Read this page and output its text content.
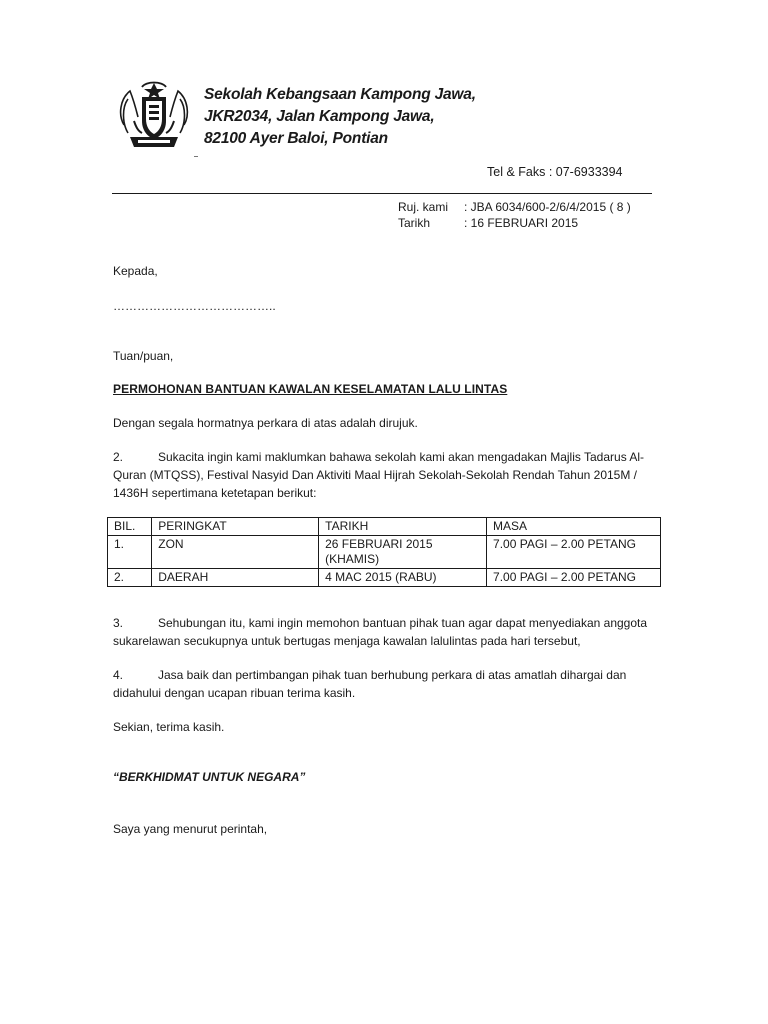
Sekolah Kebangsaan Kampong Jawa,
JKR2034, Jalan Kampong Jawa,
82100 Ayer Baloi, Pontian
Tel & Faks : 07-6933394
Ruj. kami	: JBA 6034/600-2/6/4/2015 ( 8 )
Tarikh	: 16 FEBRUARI 2015

Kepada,

…………………………………..

Tuan/puan,

PERMOHONAN BANTUAN KAWALAN KESELAMATAN LALU LINTAS

Dengan segala hormatnya perkara di atas adalah dirujuk.

2.	Sukacita ingin kami maklumkan bahawa sekolah kami akan mengadakan Majlis Tadarus Al-Quran (MTQSS), Festival Nasyid Dan Aktiviti Maal Hijrah Sekolah-Sekolah Rendah Tahun 2015M / 1436H sepertimana ketetapan berikut:

BIL.	PERINGKAT	TARIKH	MASA
1.	ZON	26 FEBRUARI 2015 (KHAMIS)	7.00 PAGI – 2.00 PETANG
2.	DAERAH	4 MAC 2015 (RABU)	7.00 PAGI – 2.00 PETANG

3.	Sehubungan itu, kami ingin memohon bantuan pihak tuan agar dapat menyediakan anggota sukarelawan secukupnya untuk bertugas menjaga kawalan lalulintas pada hari tersebut,

4.	Jasa baik dan pertimbangan pihak tuan berhubung perkara di atas amatlah dihargai dan didahului dengan ucapan ribuan terima kasih.

Sekian, terima kasih.

“BERKHIDMAT UNTUK NEGARA”

Saya yang menurut perintah,
